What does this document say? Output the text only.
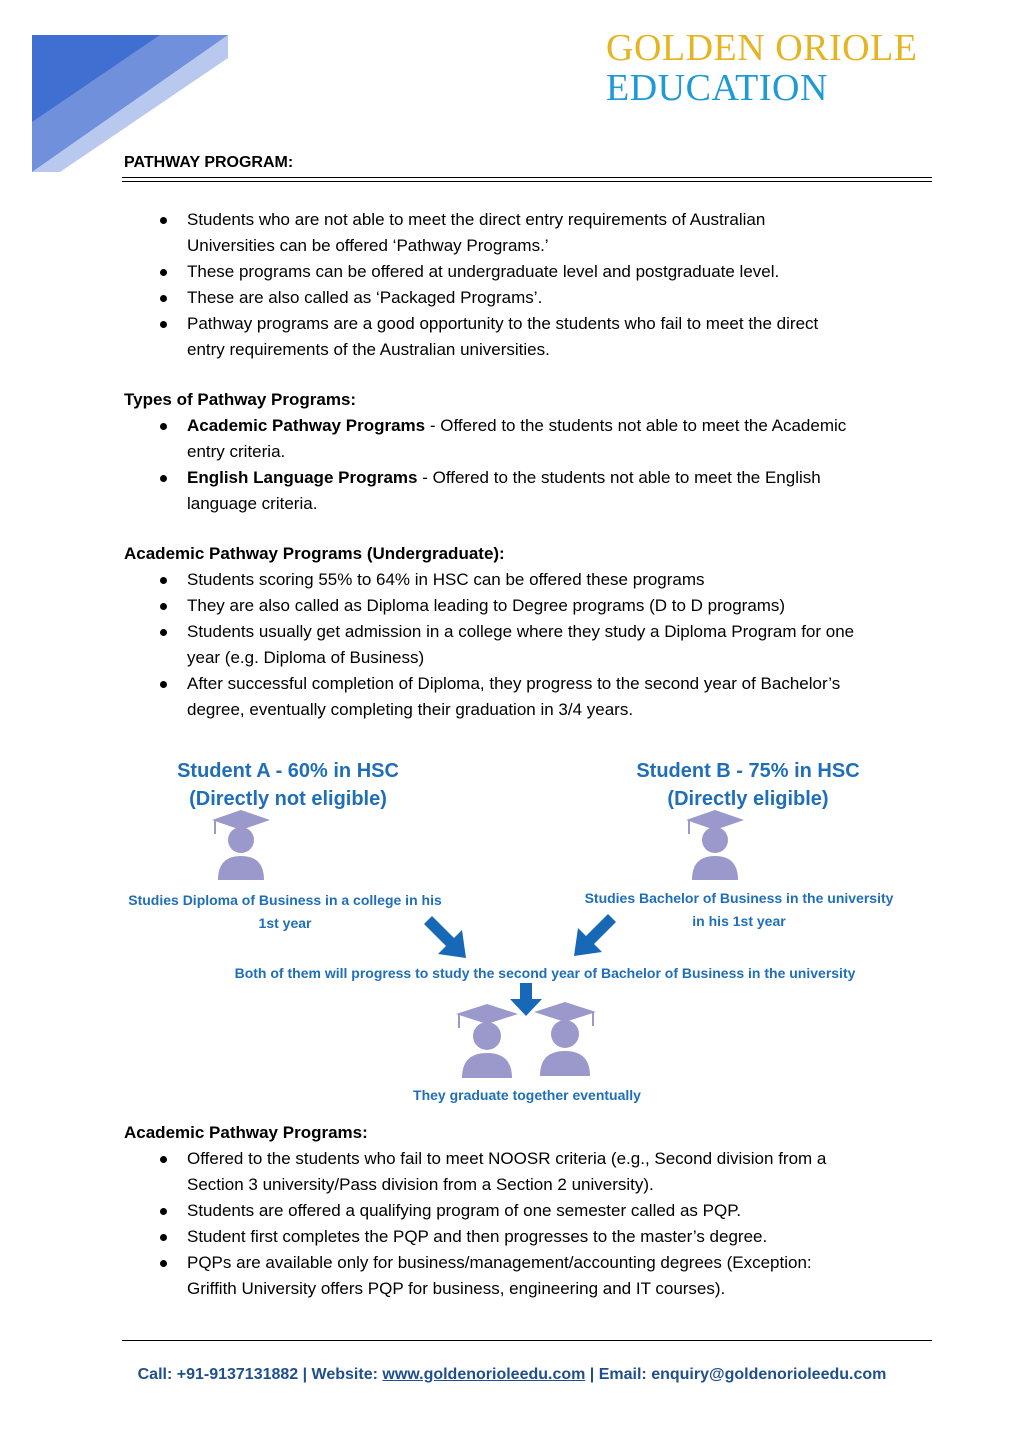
GOLDEN ORIOLE
EDUCATION
PATHWAY PROGRAM:
Students who are not able to meet the direct entry requirements of Australian
Universities can be offered ‘Pathway Programs.’
These programs can be offered at undergraduate level and postgraduate level.
These are also called as ‘Packaged Programs’.
Pathway programs are a good opportunity to the students who fail to meet the direct
entry requirements of the Australian universities.
Types of Pathway Programs:
Academic Pathway Programs - Offered to the students not able to meet the Academic
entry criteria.
English Language Programs - Offered to the students not able to meet the English
language criteria.
Academic Pathway Programs (Undergraduate):
Students scoring 55% to 64% in HSC can be offered these programs
They are also called as Diploma leading to Degree programs (D to D programs)
Students usually get admission in a college where they study a Diploma Program for one
year (e.g. Diploma of Business)
After successful completion of Diploma, they progress to the second year of Bachelor’s
degree, eventually completing their graduation in 3/4 years.
Student A - 60% in HSC
(Directly not eligible)
Student B - 75% in HSC
(Directly eligible)
Studies Diploma of Business in a college in his
1st year
Studies Bachelor of Business in the university
in his 1st year
Both of them will progress to study the second year of Bachelor of Business in the university
They graduate together eventually
Academic Pathway Programs:
Offered to the students who fail to meet NOOSR criteria (e.g., Second division from a
Section 3 university/Pass division from a Section 2 university).
Students are offered a qualifying program of one semester called as PQP.
Student first completes the PQP and then progresses to the master’s degree.
PQPs are available only for business/management/accounting degrees (Exception:
Griffith University offers PQP for business, engineering and IT courses).
Call: +91-9137131882 | Website: www.goldenorioleedu.com | Email: enquiry@goldenorioleedu.com
